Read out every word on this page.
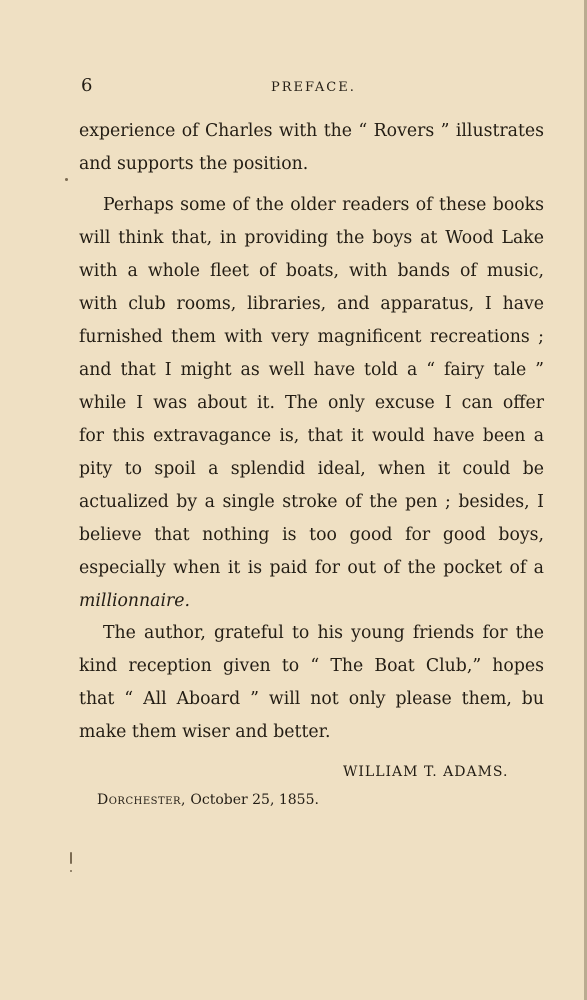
6	PREFACE.

experience of Charles with the “ Rovers ” illustrates
and supports the position.

Perhaps some of the older readers of these books
will think that, in providing the boys at Wood Lake
with a whole fleet of boats, with bands of music,
with club rooms, libraries, and apparatus, I have
furnished them with very magnificent recreations ;
and that I might as well have told a “ fairy tale ”
while I was about it. The only excuse I can offer
for this extravagance is, that it would have been a
pity to spoil a splendid ideal, when it could be
actualized by a single stroke of the pen ; besides, I
believe that nothing is too good for good boys,
especially when it is paid for out of the pocket of a
millionnaire.

The author, grateful to his young friends for the
kind reception given to “ The Boat Club,” hopes
that “ All Aboard ” will not only please them, bu
make them wiser and better.

WILLIAM T. ADAMS.
Dorchester, October 25, 1855.
